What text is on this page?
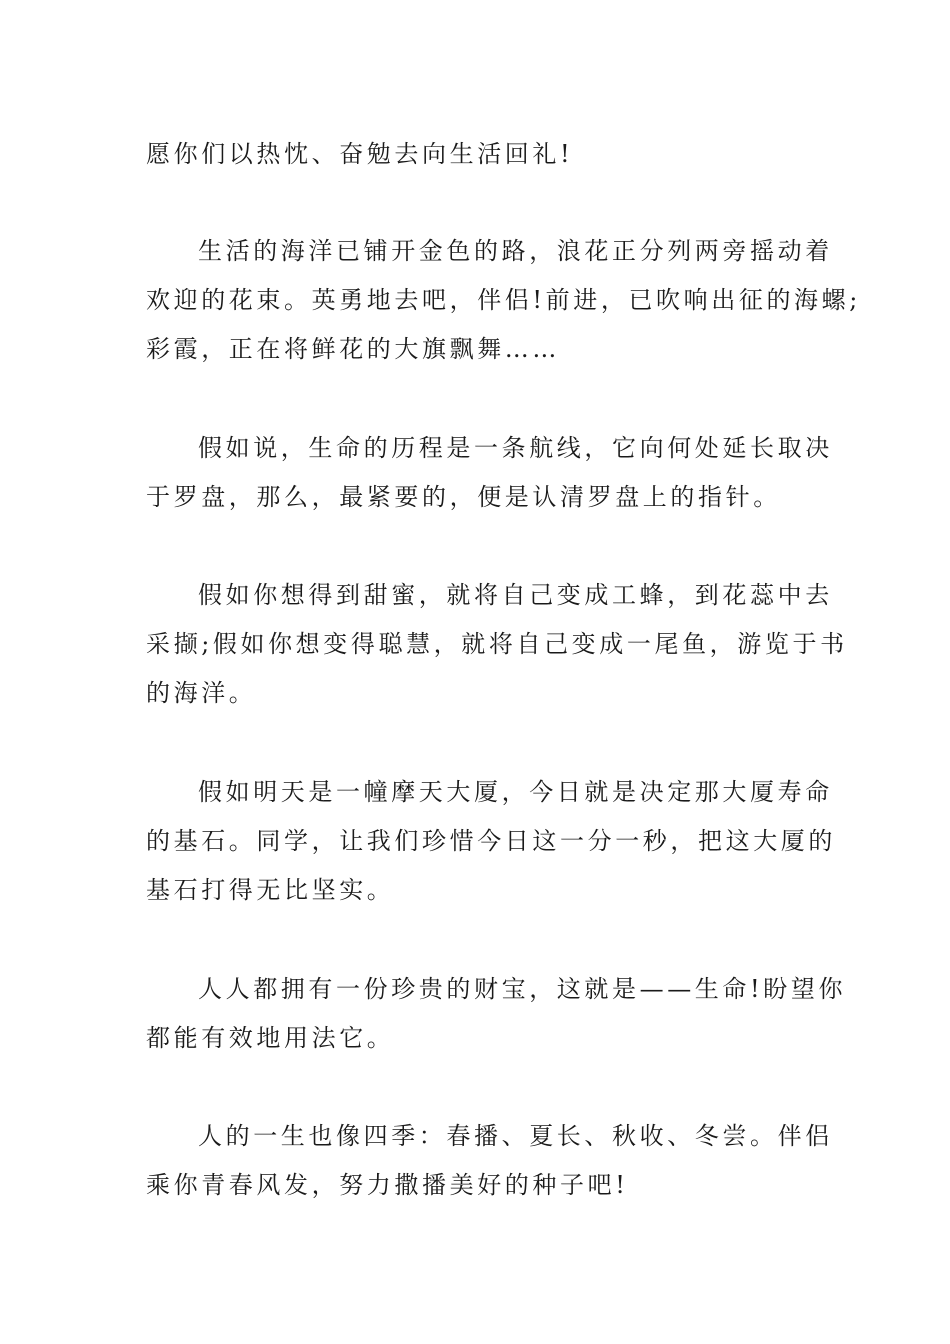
愿你们以热忱、奋勉去向生活回礼!
生活的海洋已铺开金色的路，浪花正分列两旁摇动着
欢迎的花束。英勇地去吧，伴侣!前进，已吹响出征的海螺;
彩霞，正在将鲜花的大旗飘舞……
假如说，生命的历程是一条航线，它向何处延长取决
于罗盘，那么，最紧要的，便是认清罗盘上的指针。
假如你想得到甜蜜，就将自己变成工蜂，到花蕊中去
采撷;假如你想变得聪慧，就将自己变成一尾鱼，游览于书
的海洋。
假如明天是一幢摩天大厦，今日就是决定那大厦寿命
的基石。同学，让我们珍惜今日这一分一秒，把这大厦的
基石打得无比坚实。
人人都拥有一份珍贵的财宝，这就是——生命!盼望你
都能有效地用法它。
人的一生也像四季：春播、夏长、秋收、冬尝。伴侣
乘你青春风发，努力撒播美好的种子吧!
